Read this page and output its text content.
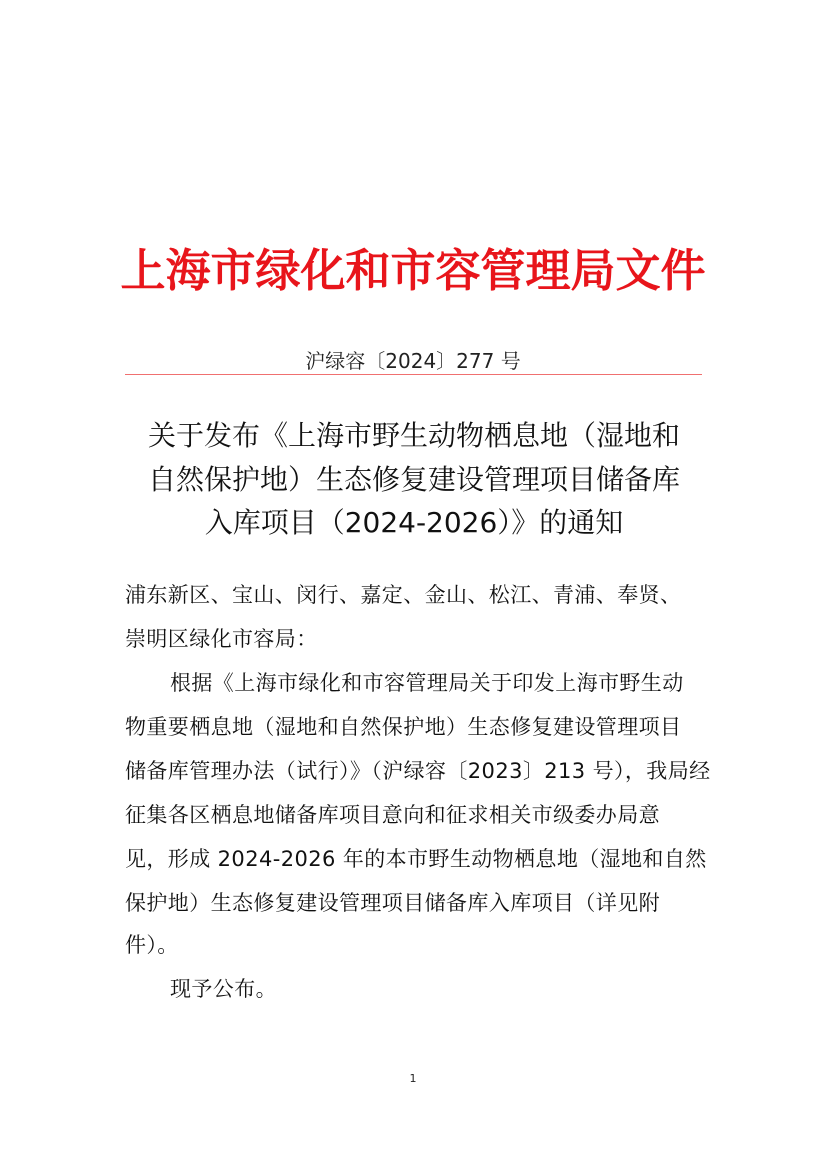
上海市绿化和市容管理局文件
沪绿容〔2024〕277 号
关于发布《上海市野生动物栖息地（湿地和
自然保护地）生态修复建设管理项目储备库
入库项目（2024-2026）》的通知
浦东新区、宝山、闵行、嘉定、金山、松江、青浦、奉贤、
崇明区绿化市容局：
根据《上海市绿化和市容管理局关于印发上海市野生动
物重要栖息地（湿地和自然保护地）生态修复建设管理项目
储备库管理办法（试行）》（沪绿容〔2023〕213 号），我局经
征集各区栖息地储备库项目意向和征求相关市级委办局意
见，形成 2024-2026 年的本市野生动物栖息地（湿地和自然
保护地）生态修复建设管理项目储备库入库项目（详见附
件）。
现予公布。
1
